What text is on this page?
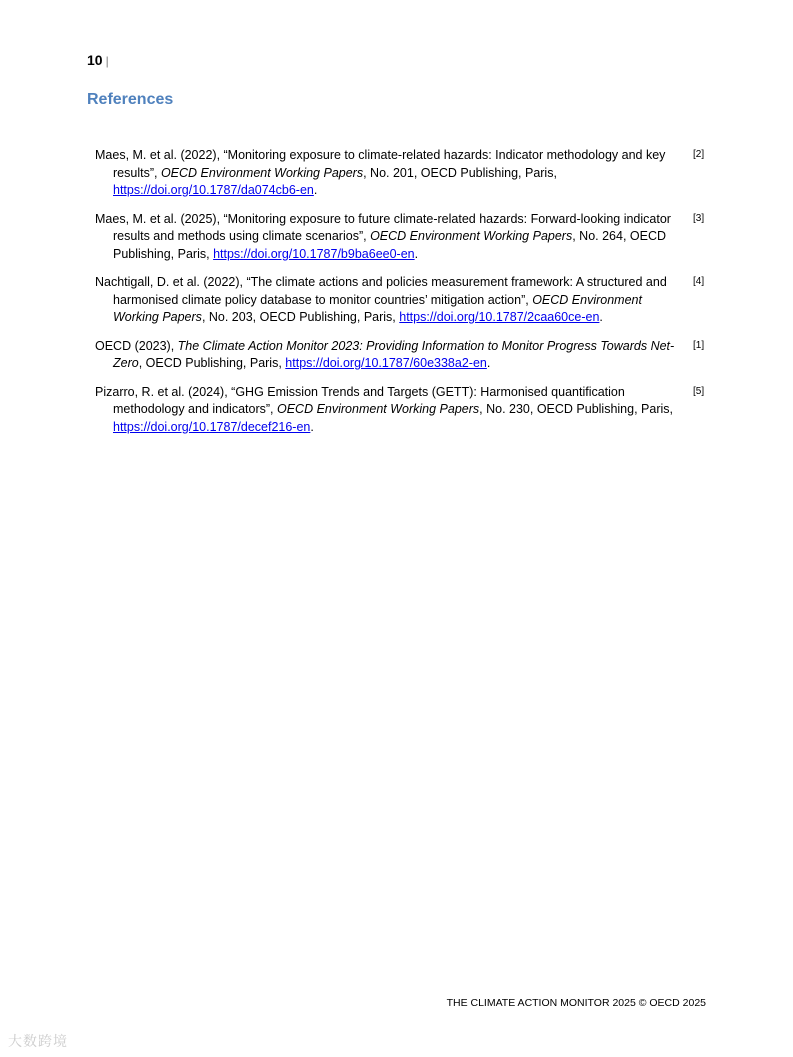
10 |
References
Maes, M. et al. (2022), “Monitoring exposure to climate-related hazards: Indicator methodology and key results”, OECD Environment Working Papers, No. 201, OECD Publishing, Paris, https://doi.org/10.1787/da074cb6-en.
[2]
Maes, M. et al. (2025), “Monitoring exposure to future climate-related hazards: Forward-looking indicator results and methods using climate scenarios”, OECD Environment Working Papers, No. 264, OECD Publishing, Paris, https://doi.org/10.1787/b9ba6ee0-en.
[3]
Nachtigall, D. et al. (2022), “The climate actions and policies measurement framework: A structured and harmonised climate policy database to monitor countries’ mitigation action”, OECD Environment Working Papers, No. 203, OECD Publishing, Paris, https://doi.org/10.1787/2caa60ce-en.
[4]
OECD (2023), The Climate Action Monitor 2023: Providing Information to Monitor Progress Towards Net-Zero, OECD Publishing, Paris, https://doi.org/10.1787/60e338a2-en.
[1]
Pizarro, R. et al. (2024), “GHG Emission Trends and Targets (GETT): Harmonised quantification methodology and indicators”, OECD Environment Working Papers, No. 230, OECD Publishing, Paris, https://doi.org/10.1787/decef216-en.
[5]
THE CLIMATE ACTION MONITOR 2025 © OECD 2025
大数跨境
